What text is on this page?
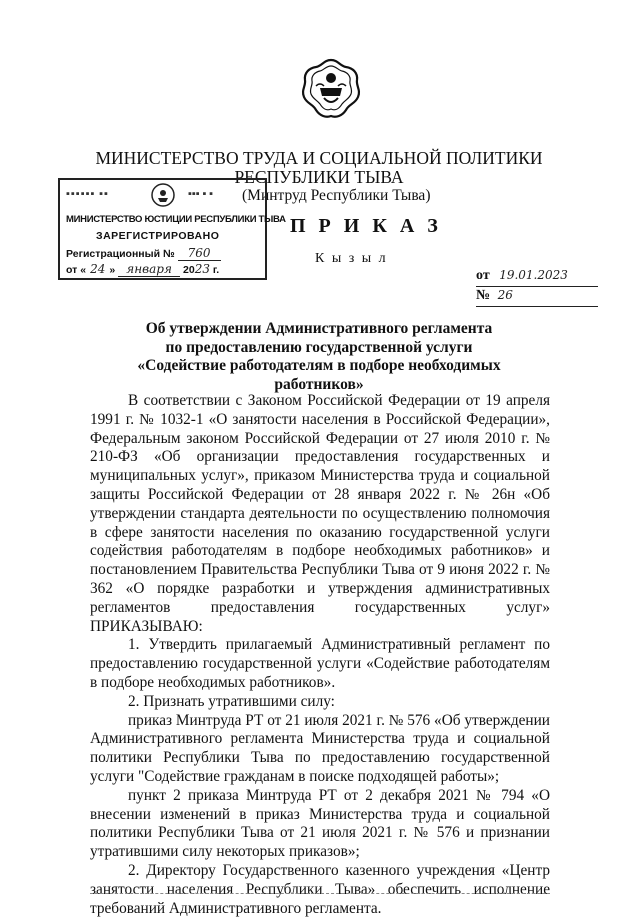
МИНИСТЕРСТВО ТРУДА И СОЦИАЛЬНОЙ ПОЛИТИКИ
РЕСПУБЛИКИ ТЫВА
(Минтруд Республики Тыва)
▪▪▪▪▪▪ ▪▪	▪▪▪ ▪ ▪
МИНИСТЕРСТВО ЮСТИЦИИ РЕСПУБЛИКИ ТЫВА
ЗАРЕГИСТРИРОВАНО
Регистрационный № 760
от « 24 » января 2023 г.
П Р И К А З
К ы з ы л
от 19.01.2023
№ 26
Об утверждении Административного регламента
по предоставлению государственной услуги
«Содействие работодателям в подборе необходимых работников»

В соответствии с Законом Российской Федерации от 19 апреля 1991 г. № 1032-1 «О занятости населения в Российской Федерации», Федеральным законом Российской Федерации от 27 июля 2010 г. № 210-ФЗ «Об организации предоставления государственных и муниципальных услуг», приказом Министерства труда и социальной защиты Российской Федерации от 28 января 2022 г. № 26н «Об утверждении стандарта деятельности по осуществлению полномочия в сфере занятости населения по оказанию государственной услуги содействия работодателям в подборе необходимых работников» и постановлением Правительства Республики Тыва от 9 июня 2022 г. № 362 «О порядке разработки и утверждения административных регламентов предоставления государственных услуг» ПРИКАЗЫВАЮ:

1. Утвердить прилагаемый Административный регламент по предоставлению государственной услуги «Содействие работодателям в подборе необходимых работников».

2. Признать утратившими силу:

приказ Минтруда РТ от 21 июля 2021 г. № 576 «Об утверждении Административного регламента Министерства труда и социальной политики Республики Тыва по предоставлению государственной услуги "Содействие гражданам в поиске подходящей работы»;

пункт 2 приказа Минтруда РТ от 2 декабря 2021 № 794 «О внесении изменений в приказ Министерства труда и социальной политики Республики Тыва от 21 июля 2021 г. № 576 и признании утратившими силу некоторых приказов»;

2. Директору Государственного казенного учреждения «Центр занятости населения Республики Тыва» обеспечить исполнение требований Административного регламента.
